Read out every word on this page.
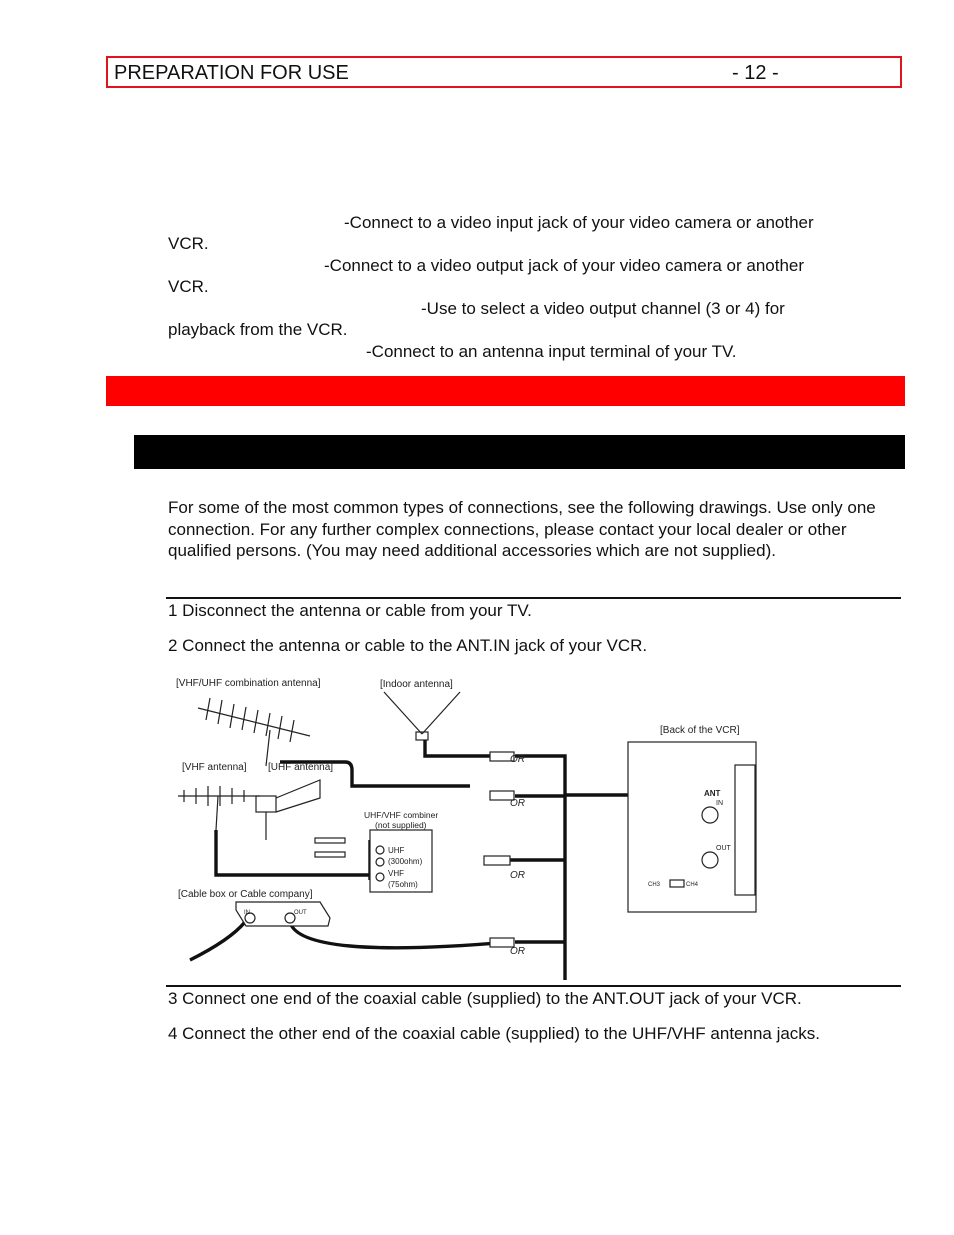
PREPARATION FOR USE	- 12 -
-Connect to a video input jack of your video camera or another
VCR.
-Connect to a video output jack of your video camera or another
VCR.
-Use to select a video output channel (3 or 4) for
playback from the VCR.
-Connect to an antenna input terminal of your TV.
For some of the most common types of connections, see the following drawings. Use only one connection. For any further complex connections, please contact your local dealer or other qualified persons. (You may need additional accessories which are not supplied).
1 Disconnect the antenna or cable from your TV.
2 Connect the antenna or cable to the ANT.IN jack of your VCR.
[VHF/UHF combination antenna]	[Indoor antenna]
[VHF antenna] [UHF antenna]
UHF/VHF combiner
(not supplied)
UHF
(300ohm)
VHF
(75ohm)
[Cable box or Cable company]
IN	OUT
OR
OR
OR
OR
[Back of the VCR]
ANT
IN
OUT
CH3	CH4
3 Connect one end of the coaxial cable (supplied) to the ANT.OUT jack of your VCR.
4 Connect the other end of the coaxial cable (supplied) to the UHF/VHF antenna jacks.
